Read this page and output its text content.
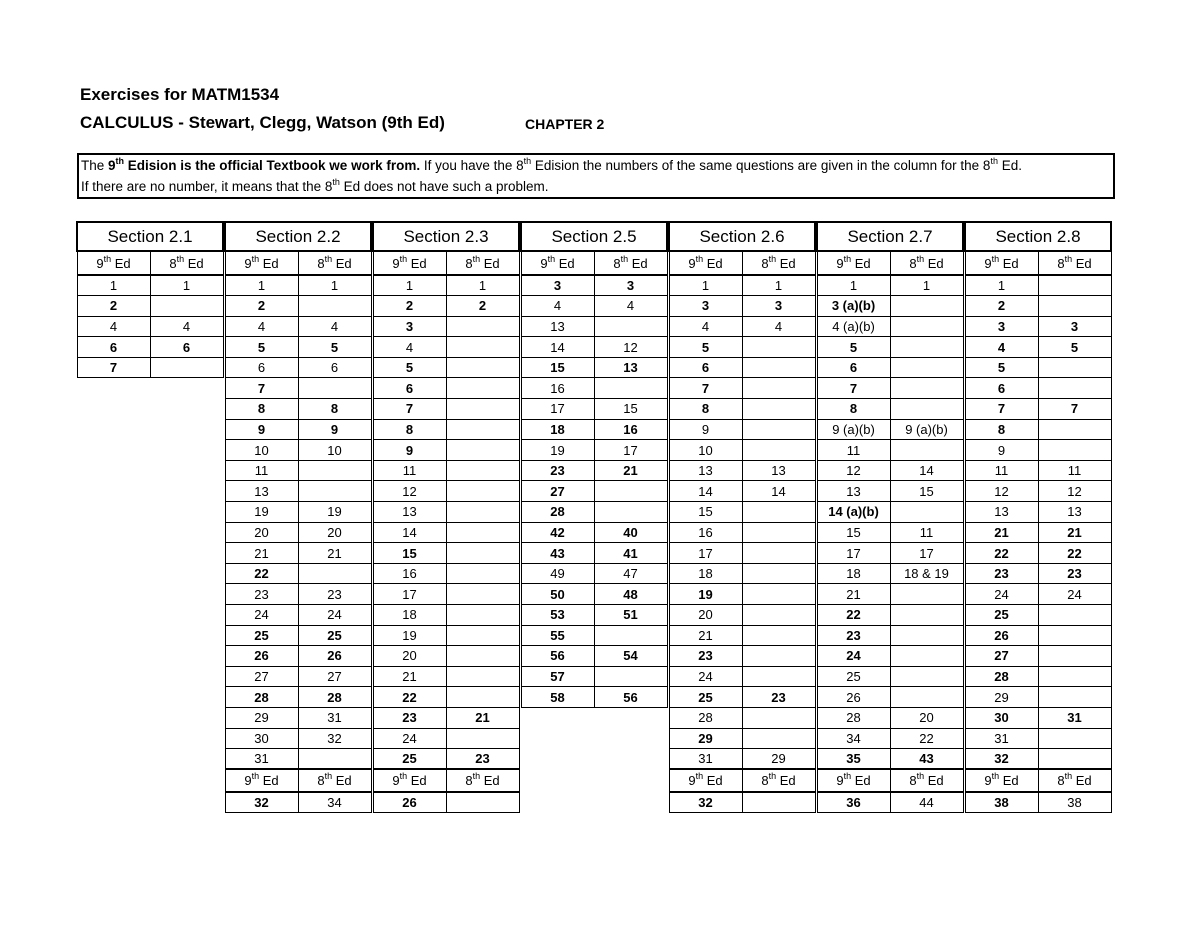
Exercises for MATM1534
CALCULUS - Stewart, Clegg, Watson (9th Ed)	CHAPTER 2
The 9th Edision is the official Textbook we work from. If you have the 8th Edision the numbers of the same questions are given in the column for the 8th Ed.
If there are no number, it means that the 8th Ed does not have such a problem.
Section 2.1	
9th Ed	8th Ed
1	1
2	
4	4
6	6
7	
Section 2.2	
9th Ed	8th Ed
1	1
2	
4	4
5	5
6	6
7	
8	8
9	9
10	10
11	
13	
19	19
20	20
21	21
22	
23	23
24	24
25	25
26	26
27	27
28	28
29	31
30	32
31	
9th Ed	8th Ed
32	34
Section 2.3	
9th Ed	8th Ed
1	1
2	2
3	
4	
5	
6	
7	
8	
9	
11	
12	
13	
14	
15	
16	
17	
18	
19	
20	
21	
22	
23	21
24	
25	23
9th Ed	8th Ed
26	
Section 2.5	
9th Ed	8th Ed
3	3
4	4
13	
14	12
15	13
16	
17	15
18	16
19	17
23	21
27	
28	
42	40
43	41
49	47
50	48
53	51
55	
56	54
57	
58	56
Section 2.6	
9th Ed	8th Ed
1	1
3	3
4	4
5	
6	
7	
8	
9	
10	
13	13
14	14
15	
16	
17	
18	
19	
20	
21	
23	
24	
25	23
28	
29	
31	29
9th Ed	8th Ed
32	
Section 2.7	
9th Ed	8th Ed
1	1
3 (a)(b)	
4 (a)(b)	
5	
6	
7	
8	
9 (a)(b)	9 (a)(b)
11	
12	14
13	15
14 (a)(b)	
15	11
17	17
18	18 & 19
21	
22	
23	
24	
25	
26	
28	20
34	22
35	43
9th Ed	8th Ed
36	44
Section 2.8	
9th Ed	8th Ed
1	
2	
3	3
4	5
5	
6	
7	7
8	
9	
11	11
12	12
13	13
21	21
22	22
23	23
24	24
25	
26	
27	
28	
29	
30	31
31	
32	
9th Ed	8th Ed
38	38
